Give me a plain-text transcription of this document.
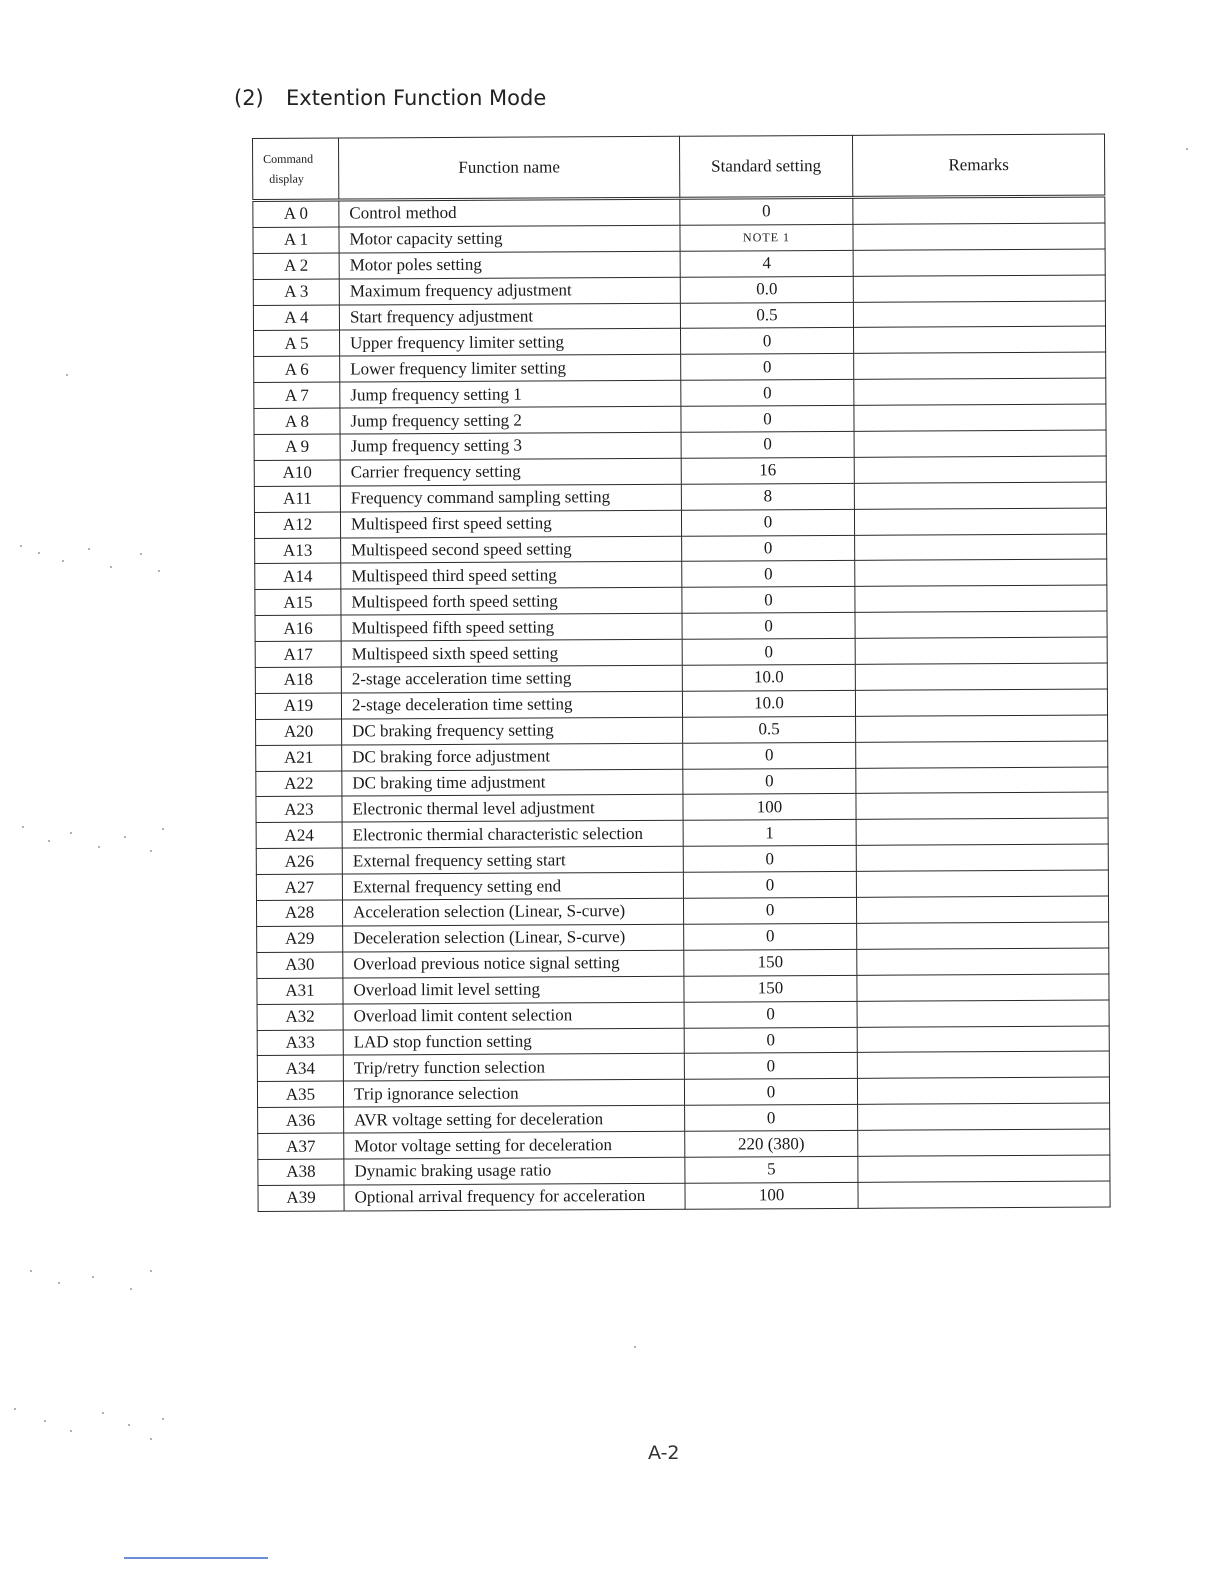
(2) Extention Function Mode
Command
display	Function name	Standard setting	Remarks
A 0	Control method	0	
A 1	Motor capacity setting	NOTE 1	
A 2	Motor poles setting	4	
A 3	Maximum frequency adjustment	0.0	
A 4	Start frequency adjustment	0.5	
A 5	Upper frequency limiter setting	0	
A 6	Lower frequency limiter setting	0	
A 7	Jump frequency setting 1	0	
A 8	Jump frequency setting 2	0	
A 9	Jump frequency setting 3	0	
A10	Carrier frequency setting	16	
A11	Frequency command sampling setting	8	
A12	Multispeed first speed setting	0	
A13	Multispeed second speed setting	0	
A14	Multispeed third speed setting	0	
A15	Multispeed forth speed setting	0	
A16	Multispeed fifth speed setting	0	
A17	Multispeed sixth speed setting	0	
A18	2-stage acceleration time setting	10.0	
A19	2-stage deceleration time setting	10.0	
A20	DC braking frequency setting	0.5	
A21	DC braking force adjustment	0	
A22	DC braking time adjustment	0	
A23	Electronic thermal level adjustment	100	
A24	Electronic thermial characteristic selection	1	
A26	External frequency setting start	0	
A27	External frequency setting end	0	
A28	Acceleration selection (Linear, S-curve)	0	
A29	Deceleration selection (Linear, S-curve)	0	
A30	Overload previous notice signal setting	150	
A31	Overload limit level setting	150	
A32	Overload limit content selection	0	
A33	LAD stop function setting	0	
A34	Trip/retry function selection	0	
A35	Trip ignorance selection	0	
A36	AVR voltage setting for deceleration	0	
A37	Motor voltage setting for deceleration	220 (380)	
A38	Dynamic braking usage ratio	5	
A39	Optional arrival frequency for acceleration	100	
A-2
